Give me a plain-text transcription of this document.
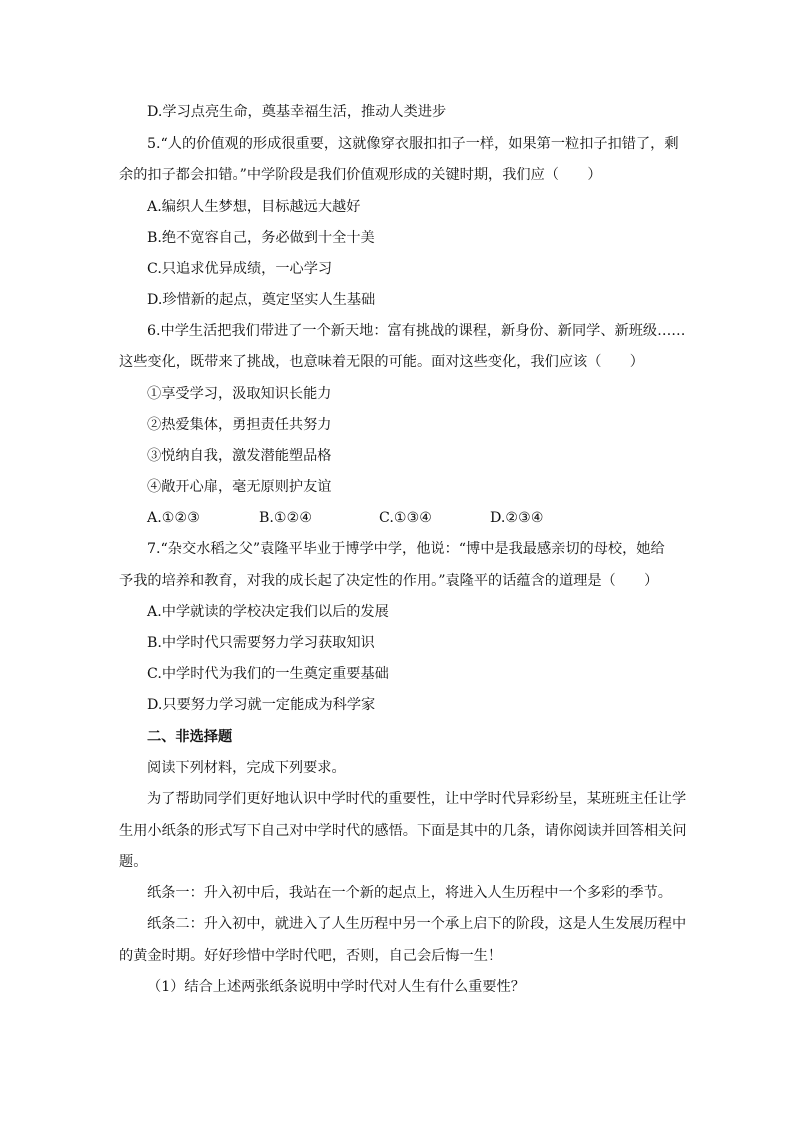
D.学习点亮生命，奠基幸福生活，推动人类进步

5.“人的价值观的形成很重要，这就像穿衣服扣扣子一样，如果第一粒扣子扣错了，剩

余的扣子都会扣错。”中学阶段是我们价值观形成的关键时期，我们应（　　）

A.编织人生梦想，目标越远大越好

B.绝不宽容自己，务必做到十全十美

C.只追求优异成绩，一心学习

D.珍惜新的起点，奠定坚实人生基础

6.中学生活把我们带进了一个新天地：富有挑战的课程，新身份、新同学、新班级……

这些变化，既带来了挑战，也意味着无限的可能。面对这些变化，我们应该（　　）

①享受学习，汲取知识长能力

②热爱集体，勇担责任共努力

③悦纳自我，激发潜能塑品格

④敞开心扉，毫无原则护友谊

A.①②③	B.①②④	C.①③④	D.②③④

7.“杂交水稻之父”袁隆平毕业于博学中学，他说：“博中是我最感亲切的母校，她给

予我的培养和教育，对我的成长起了决定性的作用。”袁隆平的话蕴含的道理是（　　）

A.中学就读的学校决定我们以后的发展

B.中学时代只需要努力学习获取知识

C.中学时代为我们的一生奠定重要基础

D.只要努力学习就一定能成为科学家

二、非选择题

阅读下列材料，完成下列要求。

为了帮助同学们更好地认识中学时代的重要性，让中学时代异彩纷呈，某班班主任让学

生用小纸条的形式写下自己对中学时代的感悟。下面是其中的几条，请你阅读并回答相关问

题。

纸条一：升入初中后，我站在一个新的起点上，将进入人生历程中一个多彩的季节。

纸条二：升入初中，就进入了人生历程中另一个承上启下的阶段，这是人生发展历程中

的黄金时期。好好珍惜中学时代吧，否则，自己会后悔一生！

（1）结合上述两张纸条说明中学时代对人生有什么重要性？
